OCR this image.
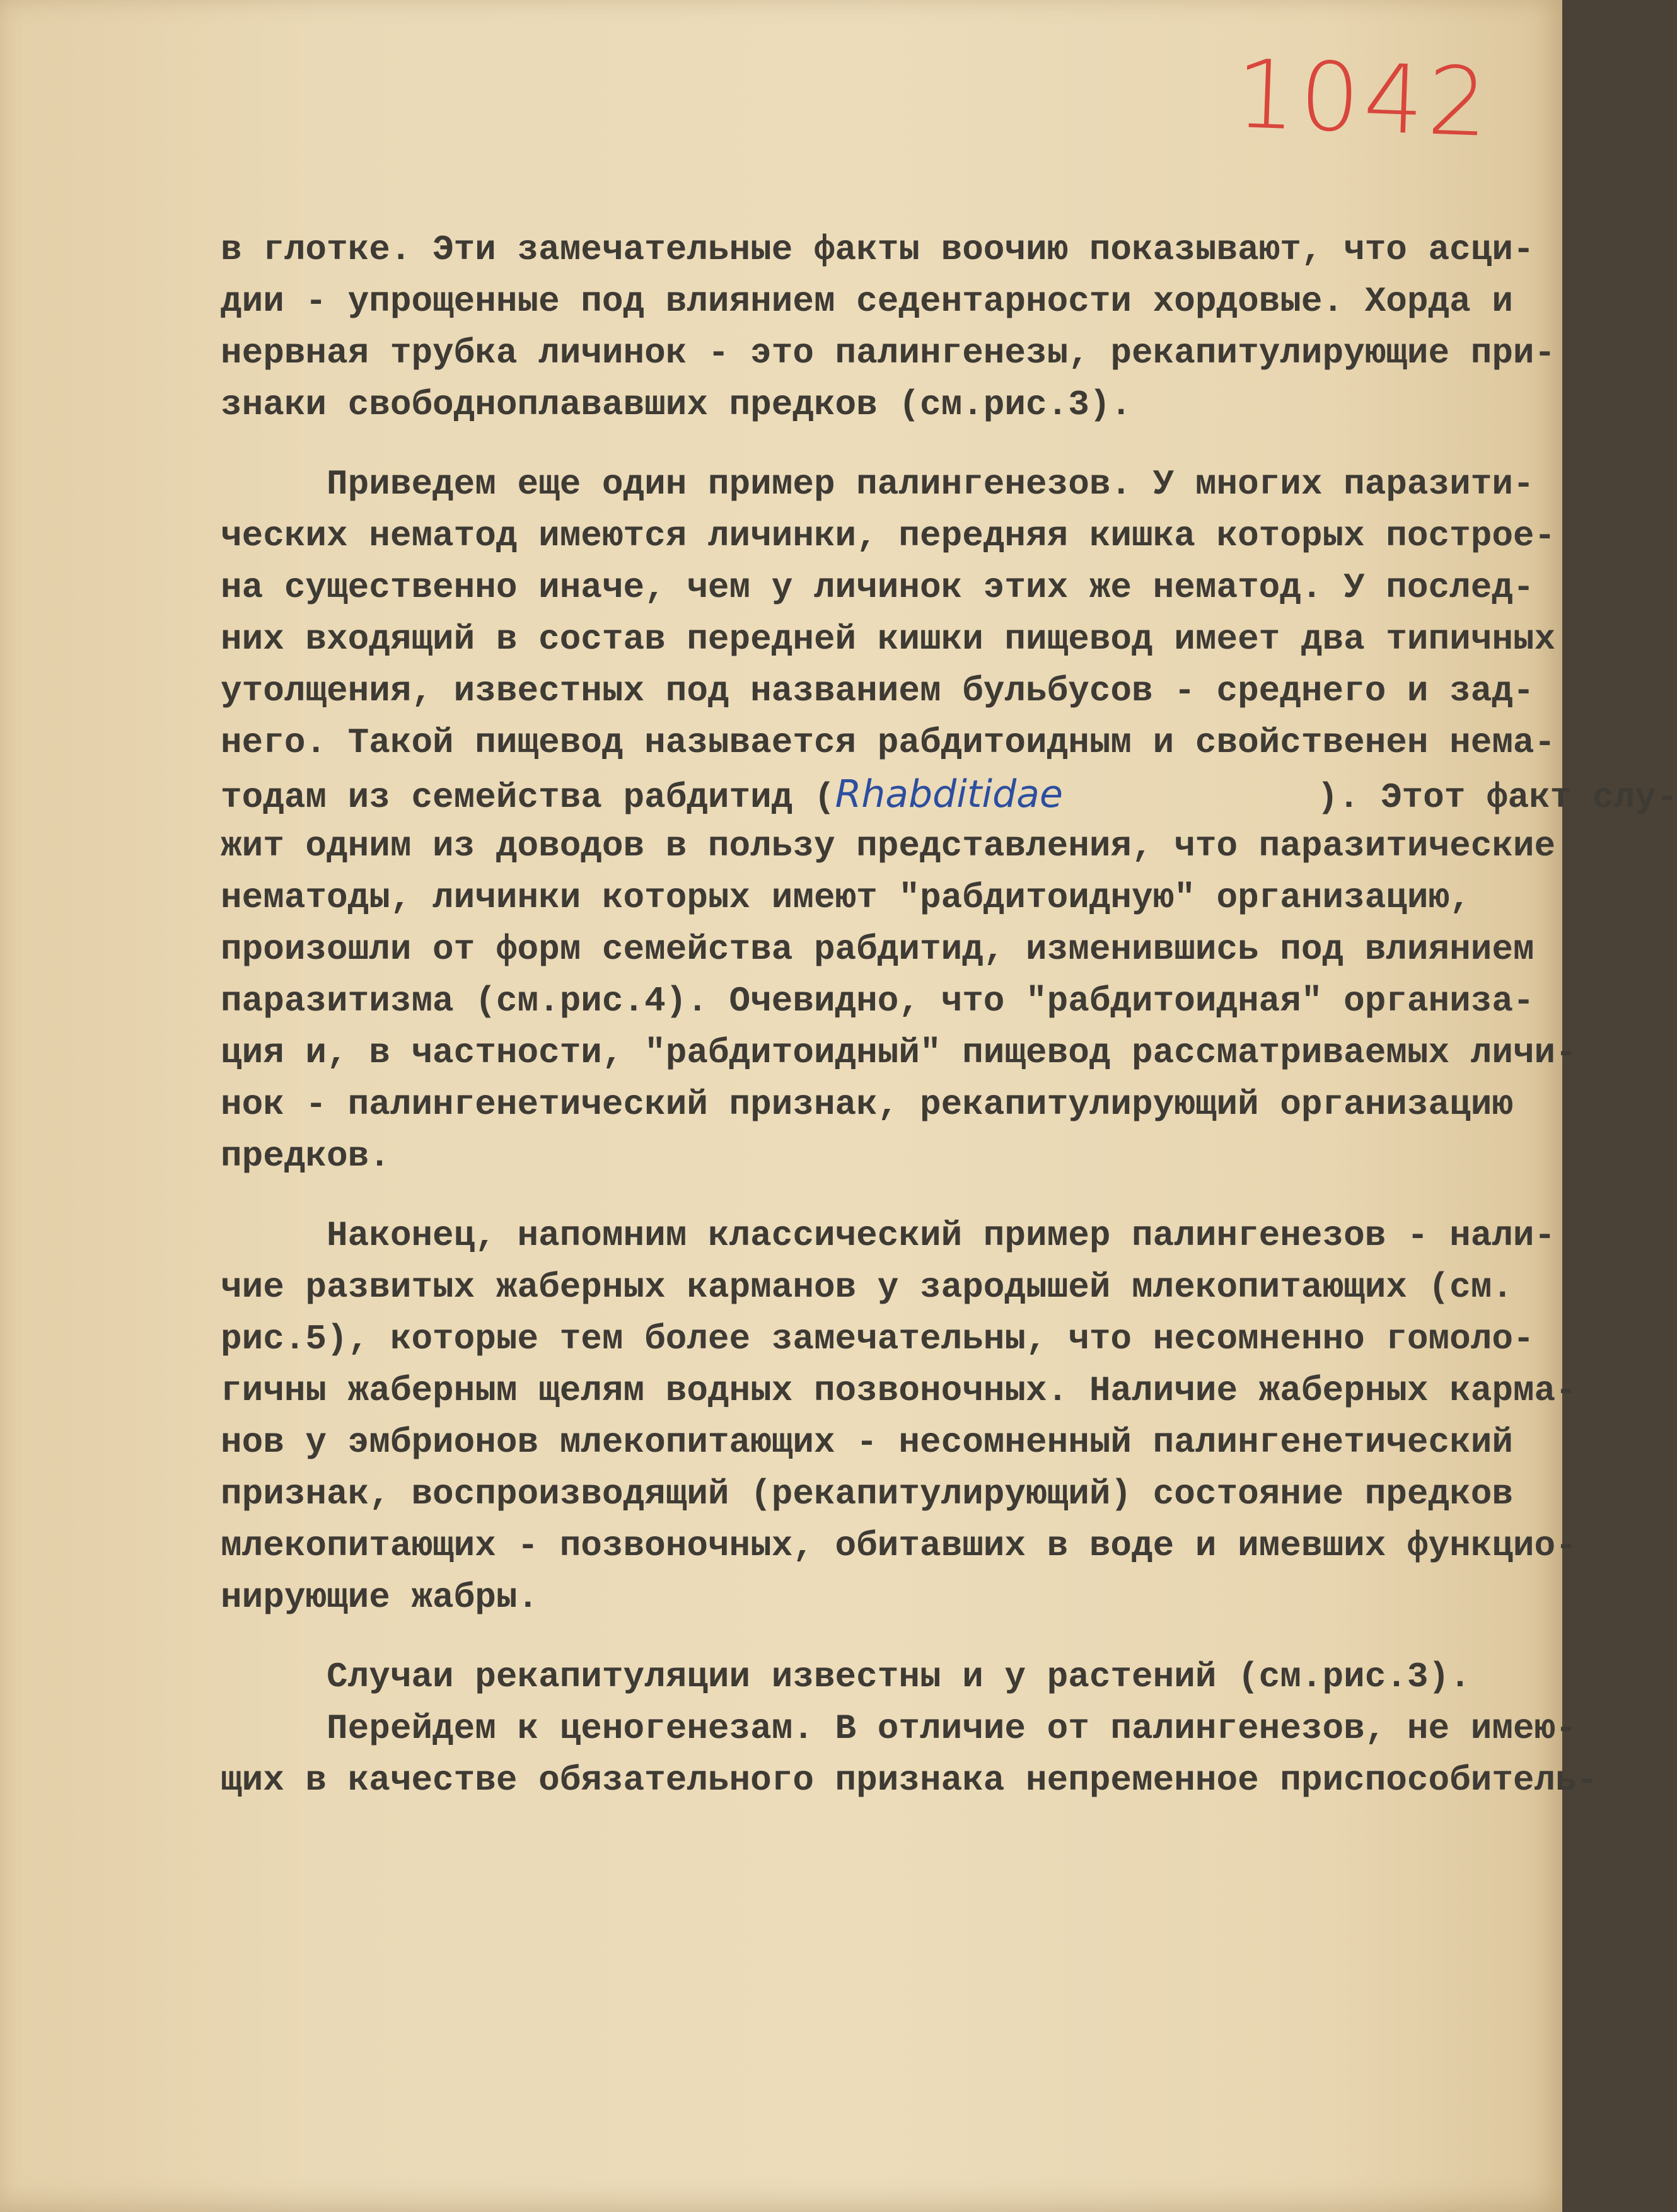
1042
в глотке. Эти замечательные факты воочию показывают, что асци-
дии - упрощенные под влиянием седентарности хордовые. Хорда и
нервная трубка личинок - это палингенезы, рекапитулирующие при-
знаки свободноплававших предков (см.рис.3).
Приведем еще один пример палингенезов. У многих паразити-
ческих нематод имеются личинки, передняя кишка которых построе-
на существенно иначе, чем у личинок этих же нематод. У послед-
них входящий в состав передней кишки пищевод имеет два типичных
утолщения, известных под названием бульбусов - среднего и зад-
него. Такой пищевод называется рабдитоидным и свойственен нема-
тодам из семейства рабдитид (Rhabditidae            ). Этот факт слу-
жит одним из доводов в пользу представления, что паразитические
нематоды, личинки которых имеют "рабдитоидную" организацию,
произошли от форм семейства рабдитид, изменившись под влиянием
паразитизма (см.рис.4). Очевидно, что "рабдитоидная" организа-
ция и, в частности, "рабдитоидный" пищевод рассматриваемых личи-
нок - палингенетический признак, рекапитулирующий организацию
предков.
Наконец, напомним классический пример палингенезов - нали-
чие развитых жаберных карманов у зародышей млекопитающих (см.
рис.5), которые тем более замечательны, что несомненно гомоло-
гичны жаберным щелям водных позвоночных. Наличие жаберных карма-
нов у эмбрионов млекопитающих - несомненный палингенетический
признак, воспроизводящий (рекапитулирующий) состояние предков
млекопитающих - позвоночных, обитавших в воде и имевших функцио-
нирующие жабры.
Случаи рекапитуляции известны и у растений (см.рис.3).
Перейдем к ценогенезам. В отличие от палингенезов, не имею-
щих в качестве обязательного признака непременное приспособитель-
